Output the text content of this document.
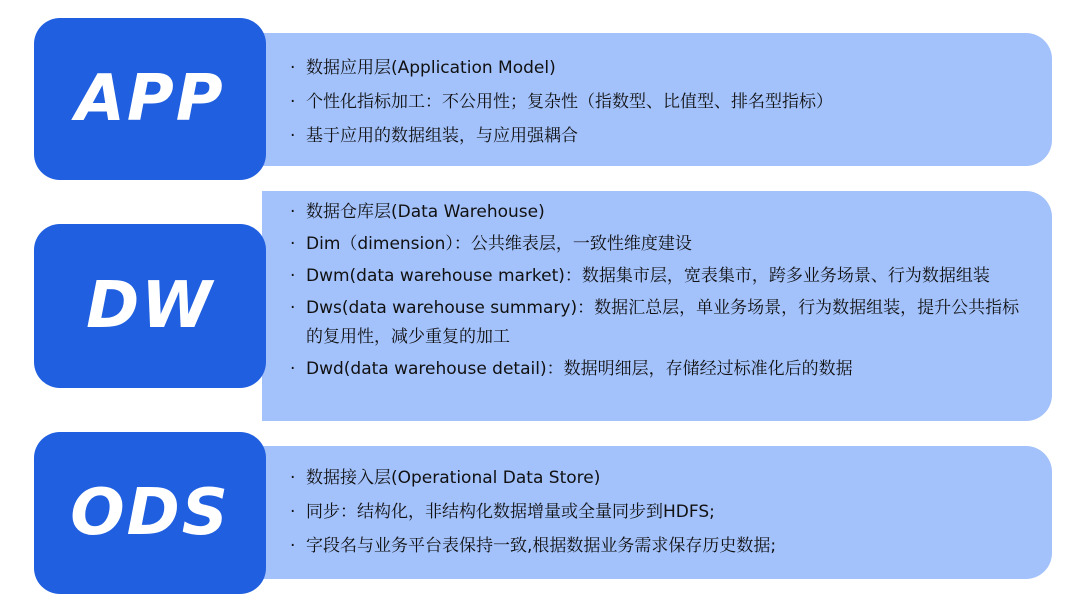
APP	· 数据应用层(Application Model)
· 个性化指标加工：不公用性；复杂性（指数型、比值型、排名型指标）
· 基于应用的数据组装，与应用强耦合
DW
· 数据仓库层(Data Warehouse)
· Dim（dimension）：公共维表层，一致性维度建设
· Dwm(data warehouse market)：数据集市层，宽表集市，跨多业务场景、行为数据组装
· Dws(data warehouse summary)：数据汇总层，单业务场景，行为数据组装，提升公共指标的复用性，减少重复的加工
· Dwd(data warehouse detail)：数据明细层，存储经过标准化后的数据
ODS	· 数据接入层(Operational Data Store)
· 同步：结构化，非结构化数据增量或全量同步到HDFS;
· 字段名与业务平台表保持一致,根据数据业务需求保存历史数据;
